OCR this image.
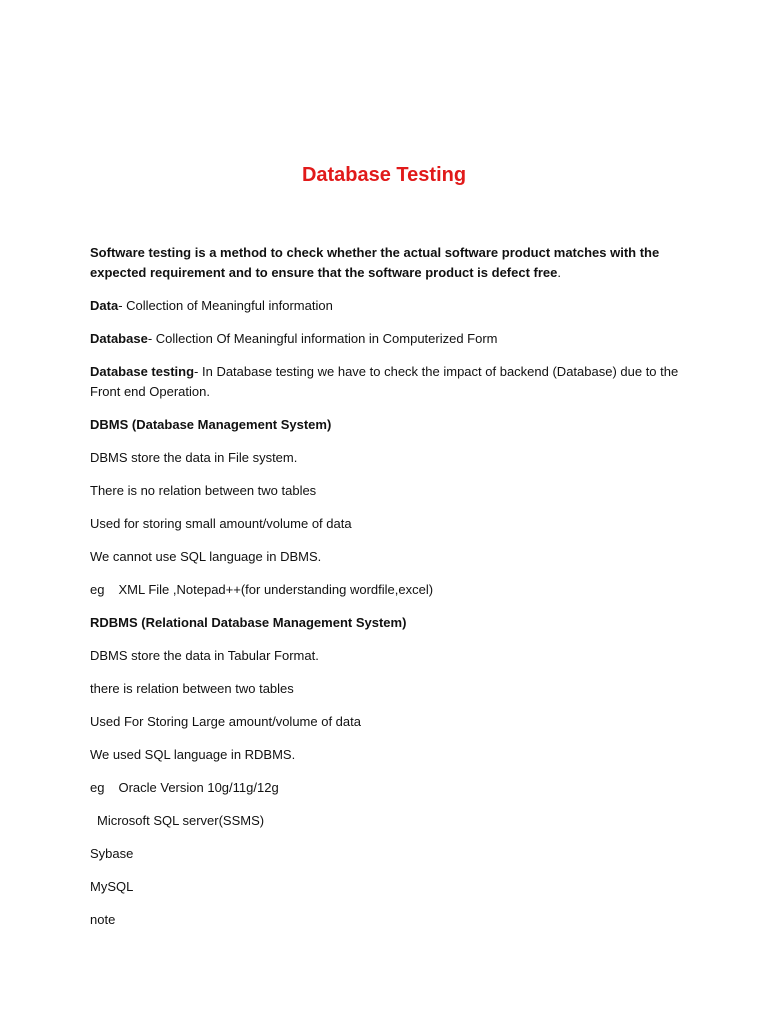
Database Testing

Software testing is a method to check whether the actual software product matches with the expected requirement and to ensure that the software product is defect free.

Data- Collection of Meaningful information

Database- Collection Of Meaningful information in Computerized Form

Database testing- In Database testing we have to check the impact of backend (Database) due to the Front end Operation.

DBMS (Database Management System)

DBMS store the data in File system.

There is no relation between two tables

Used for storing small amount/volume of data

We cannot use SQL language in DBMS.

eg XML File ,Notepad++(for understanding wordfile,excel)

RDBMS (Relational Database Management System)

DBMS store the data in Tabular Format.

there is relation between two tables

Used For Storing Large amount/volume of data

We used SQL language in RDBMS.

eg Oracle Version 10g/11g/12g

Microsoft SQL server(SSMS)

Sybase

MySQL

note
